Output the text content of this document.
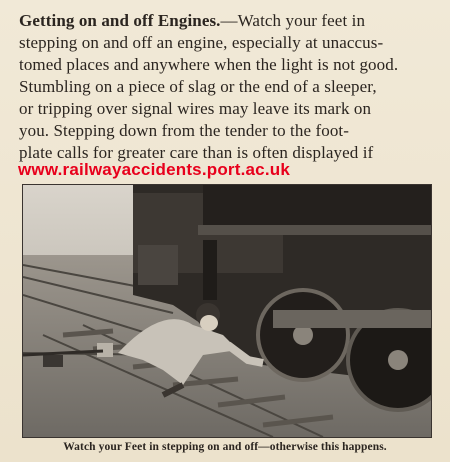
Getting on and off Engines.—Watch your feet in
stepping on and off an engine, especially at unaccus-
tomed places and anywhere when the light is not good.
Stumbling on a piece of slag or the end of a sleeper,
or tripping over signal wires may leave its mark on
you. Stepping down from the tender to the foot-
plate calls for greater care than is often displayed if
www.railwayaccidents.port.ac.uk
Watch your Feet in stepping on and off—otherwise this happens.
